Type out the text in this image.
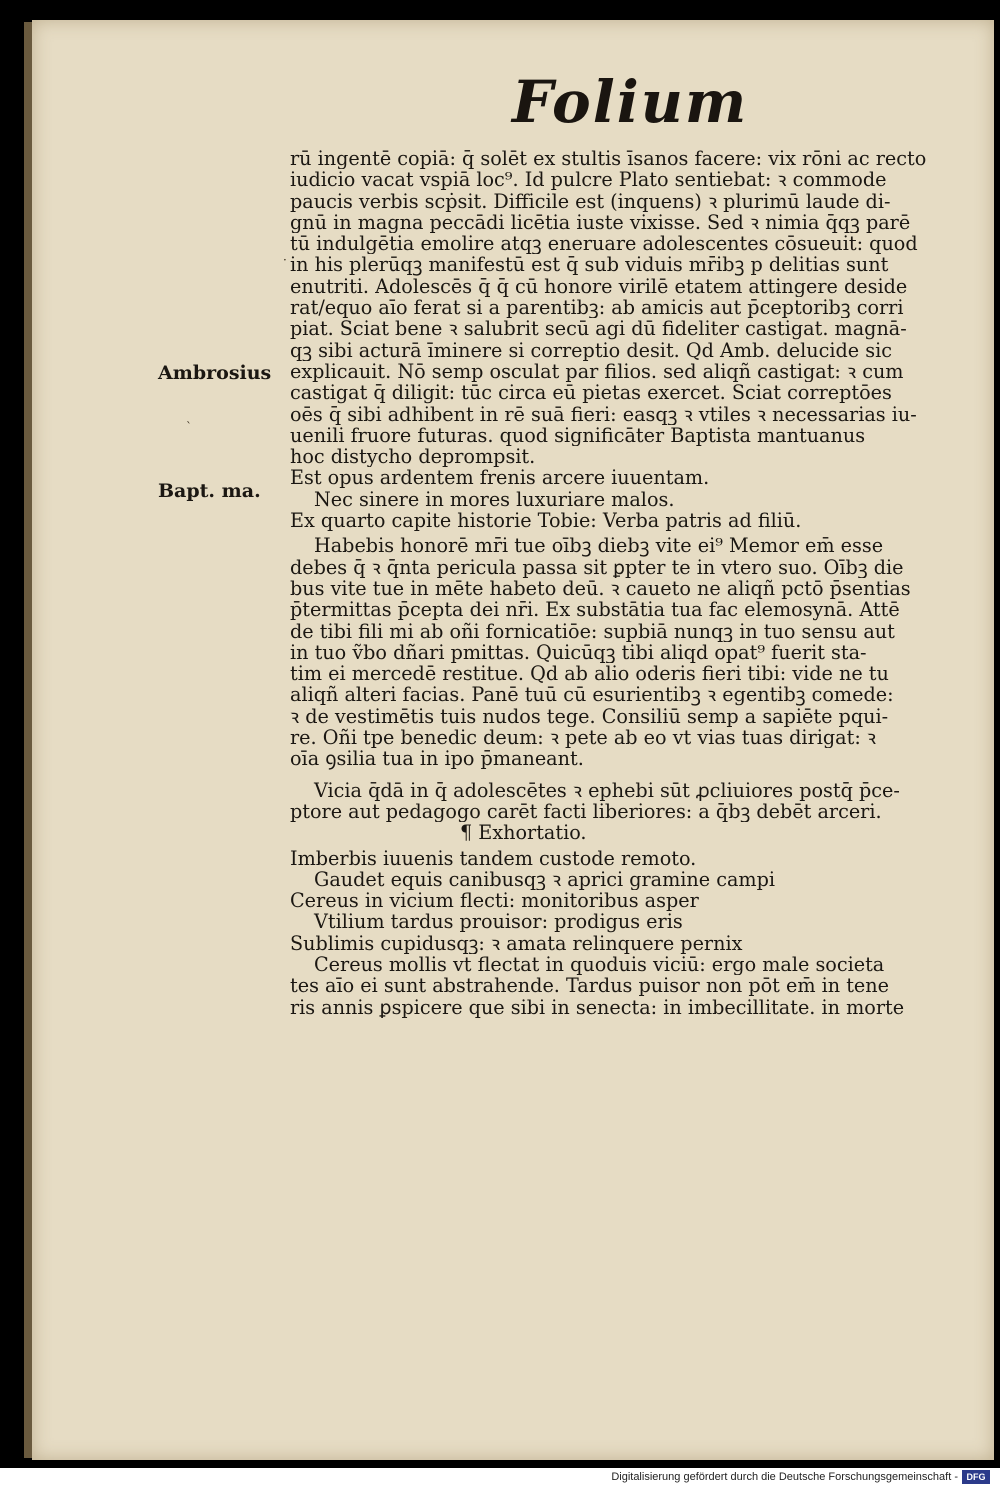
Folium
Ambrosius
Bapt. ma.
·
`
rū ingentē copiā: q̄ solēt ex stultis īsanos facere: vix rōni ac recto
iudicio vacat vspiā loc⁹. Id pulcre Plato sentiebat: ꝛ commode
paucis verbis scṗsit. Difficile est (inquens) ꝛ plurimū laude di-
gnū in magna peccādi licētia iuste vixisse. Sed ꝛ nimia q̄qꝫ parē
tū indulgētia emolire atqꝫ eneruare adolescentes cōsueuit: quod
in his plerūqꝫ manifestū est q̄ sub viduis mr̄ibꝫ p delitias sunt
enutriti. Adolescēs q̄ q̄ cū honore virilē etatem attingere deside
rat/equo aīo ferat si a parentibꝫ: ab amicis aut p̄ceptoribꝫ corri
piat. Sciat bene ꝛ salubrit secū agi dū fideliter castigat. magnā-
qꝫ sibi acturā īminere si correptio desit. Qd Amb. delucide sic
explicauit. Nō semp osculat par filios. sed aliqñ castigat: ꝛ cum
castigat q̄ diligit: tūc circa eū pietas exercet. Sciat correptōes
oēs q̄ sibi adhibent in rē suā fieri: easqꝫ ꝛ vtiles ꝛ necessarias iu-
uenili fruore futuras. quod significāter Baptista mantuanus
hoc distycho deprompsit.
Est opus ardentem frenis arcere iuuentam.
Nec sinere in mores luxuriare malos.
Ex quarto capite historie Tobie: Verba patris ad filiū.
Habebis honorē mr̄i tue oībꝫ diebꝫ vite ei⁹ Memor em̄ esse
debes q̄ ꝛ q̄nta pericula passa sit ꝑpter te in vtero suo. Oībꝫ die
bus vite tue in mēte habeto deū. ꝛ caueto ne aliqñ pctō p̄sentias
p̄termittas p̄cepta dei nr̄i. Ex substātia tua fac elemosynā. Attē
de tibi fili mi ab oñi fornicatiōe: supbiā nunqꝫ in tuo sensu aut
in tuo ṽbo dñari pmittas. Quicūqꝫ tibi aliqd opat⁹ fuerit sta-
tim ei mercedē restitue. Qd ab alio oderis fieri tibi: vide ne tu
aliqñ alteri facias. Panē tuū cū esurientibꝫ ꝛ egentibꝫ comede:
ꝛ de vestimētis tuis nudos tege. Consiliū semp a sapiēte pqui-
re. Oñi tpe benedic deum: ꝛ pete ab eo vt vias tuas dirigat: ꝛ
oīa ꝯsilia tua in ipo p̄maneant.
Vicia q̄dā in q̄ adolescētes ꝛ ephebi sūt ꝓcliuiores postq̄ p̄ce-
ptore aut pedagogo carēt facti liberiores: a q̄bꝫ debēt arceri.
¶ Exhortatio.
Imberbis iuuenis tandem custode remoto.
Gaudet equis canibusqꝫ ꝛ aprici gramine campi
Cereus in vicium flecti: monitoribus asper
Vtilium tardus prouisor: prodigus eris
Sublimis cupidusqꝫ: ꝛ amata relinquere pernix
Cereus mollis vt flectat in quoduis viciū: ergo male societa
tes aīo ei sunt abstrahende. Tardus puisor non pōt em̄ in tene
ris annis ꝑspicere que sibi in senecta: in imbecillitate. in morte
Digitalisierung gefördert durch die Deutsche Forschungsgemeinschaft - DFG
